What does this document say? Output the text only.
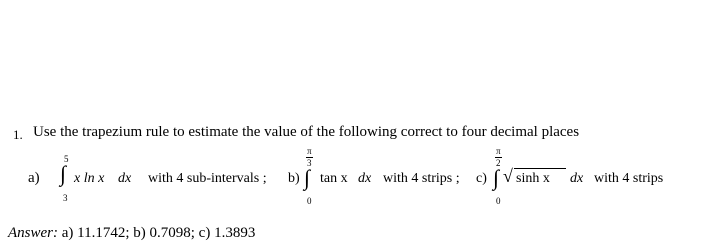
1. Use the trapezium rule to estimate the value of the following correct to four decimal places
a)
5
∫
3
x ln x dx with 4 sub-intervals ; b)
π
3
∫
0
tan x dx with 4 strips ; c)
π
2
∫
0
√ sinh x dx with 4 strips
Answer: a) 11.1742; b) 0.7098; c) 1.3893
